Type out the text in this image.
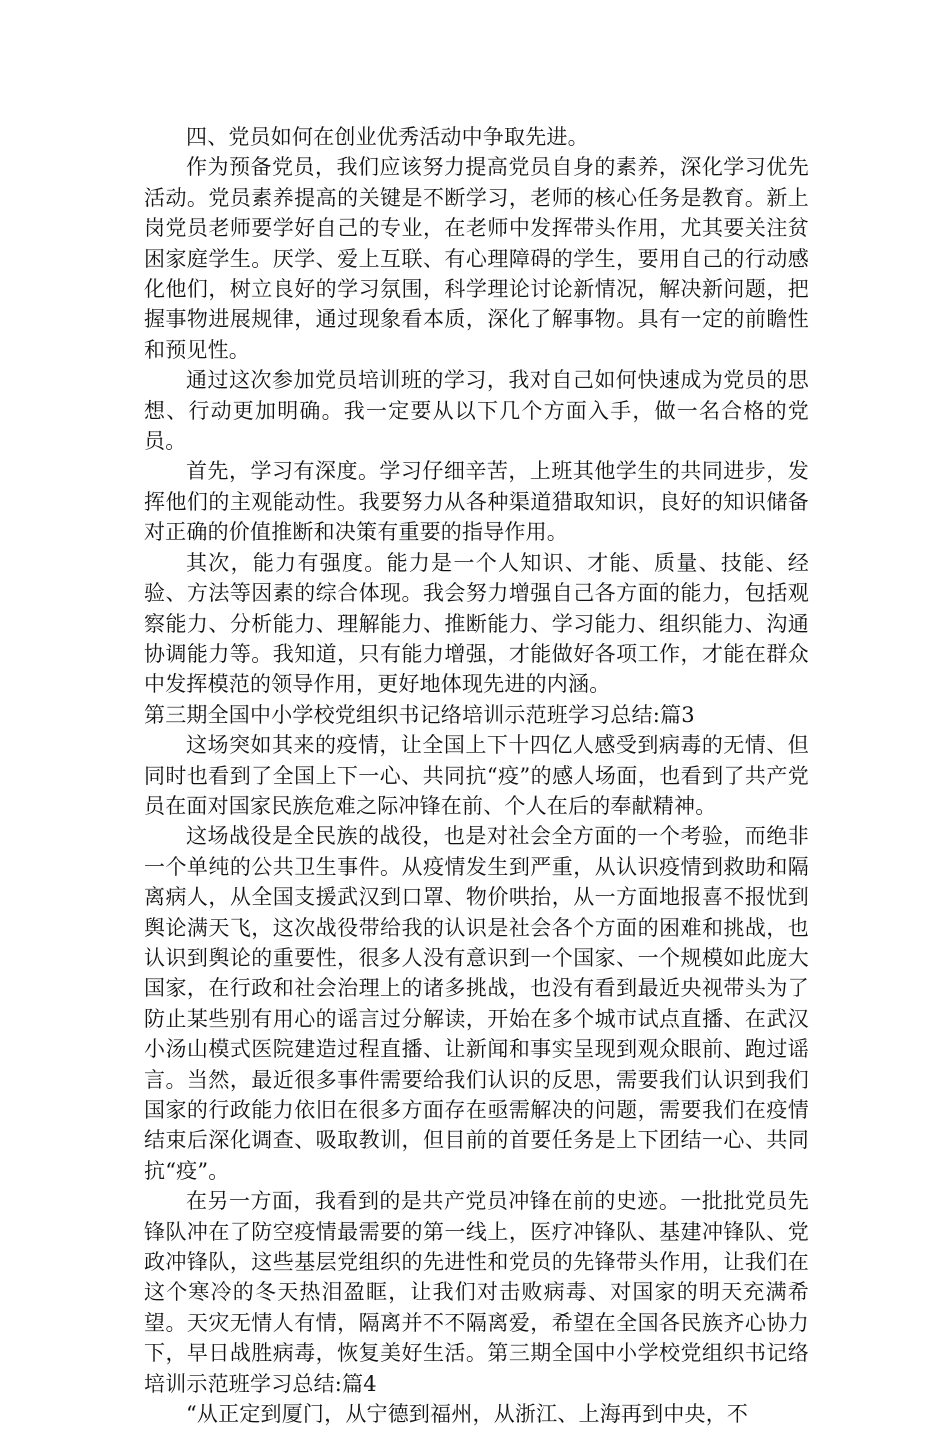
四、党员如何在创业优秀活动中争取先进。

作为预备党员，我们应该努力提高党员自身的素养，深化学习优先活动。党员素养提高的关键是不断学习，老师的核心任务是教育。新上岗党员老师要学好自己的专业，在老师中发挥带头作用，尤其要关注贫困家庭学生。厌学、爱上互联、有心理障碍的学生，要用自己的行动感化他们，树立良好的学习氛围，科学理论讨论新情况，解决新问题，把握事物进展规律，通过现象看本质，深化了解事物。具有一定的前瞻性和预见性。

通过这次参加党员培训班的学习，我对自己如何快速成为党员的思想、行动更加明确。我一定要从以下几个方面入手，做一名合格的党员。

首先，学习有深度。学习仔细辛苦，上班其他学生的共同进步，发挥他们的主观能动性。我要努力从各种渠道猎取知识，良好的知识储备对正确的价值推断和决策有重要的指导作用。

其次，能力有强度。能力是一个人知识、才能、质量、技能、经验、方法等因素的综合体现。我会努力增强自己各方面的能力，包括观察能力、分析能力、理解能力、推断能力、学习能力、组织能力、沟通协调能力等。我知道，只有能力增强，才能做好各项工作，才能在群众中发挥模范的领导作用，更好地体现先进的内涵。

第三期全国中小学校党组织书记络培训示范班学习总结:篇3

这场突如其来的疫情，让全国上下十四亿人感受到病毒的无情、但同时也看到了全国上下一心、共同抗“疫”的感人场面，也看到了共产党员在面对国家民族危难之际冲锋在前、个人在后的奉献精神。

这场战役是全民族的战役，也是对社会全方面的一个考验，而绝非一个单纯的公共卫生事件。从疫情发生到严重，从认识疫情到救助和隔离病人，从全国支援武汉到口罩、物价哄抬，从一方面地报喜不报忧到舆论满天飞，这次战役带给我的认识是社会各个方面的困难和挑战，也认识到舆论的重要性，很多人没有意识到一个国家、一个规模如此庞大国家，在行政和社会治理上的诸多挑战，也没有看到最近央视带头为了防止某些别有用心的谣言过分解读，开始在多个城市试点直播、在武汉小汤山模式医院建造过程直播、让新闻和事实呈现到观众眼前、跑过谣言。当然，最近很多事件需要给我们认识的反思，需要我们认识到我们国家的行政能力依旧在很多方面存在亟需解决的问题，需要我们在疫情结束后深化调查、吸取教训，但目前的首要任务是上下团结一心、共同抗“疫”。

在另一方面，我看到的是共产党员冲锋在前的史迹。一批批党员先锋队冲在了防空疫情最需要的第一线上，医疗冲锋队、基建冲锋队、党政冲锋队，这些基层党组织的先进性和党员的先锋带头作用，让我们在这个寒冷的冬天热泪盈眶，让我们对击败病毒、对国家的明天充满希望。天灾无情人有情，隔离并不不隔离爱，希望在全国各民族齐心协力下，早日战胜病毒，恢复美好生活。第三期全国中小学校党组织书记络培训示范班学习总结:篇4

“从正定到厦门，从宁德到福州，从浙江、上海再到中央，不
